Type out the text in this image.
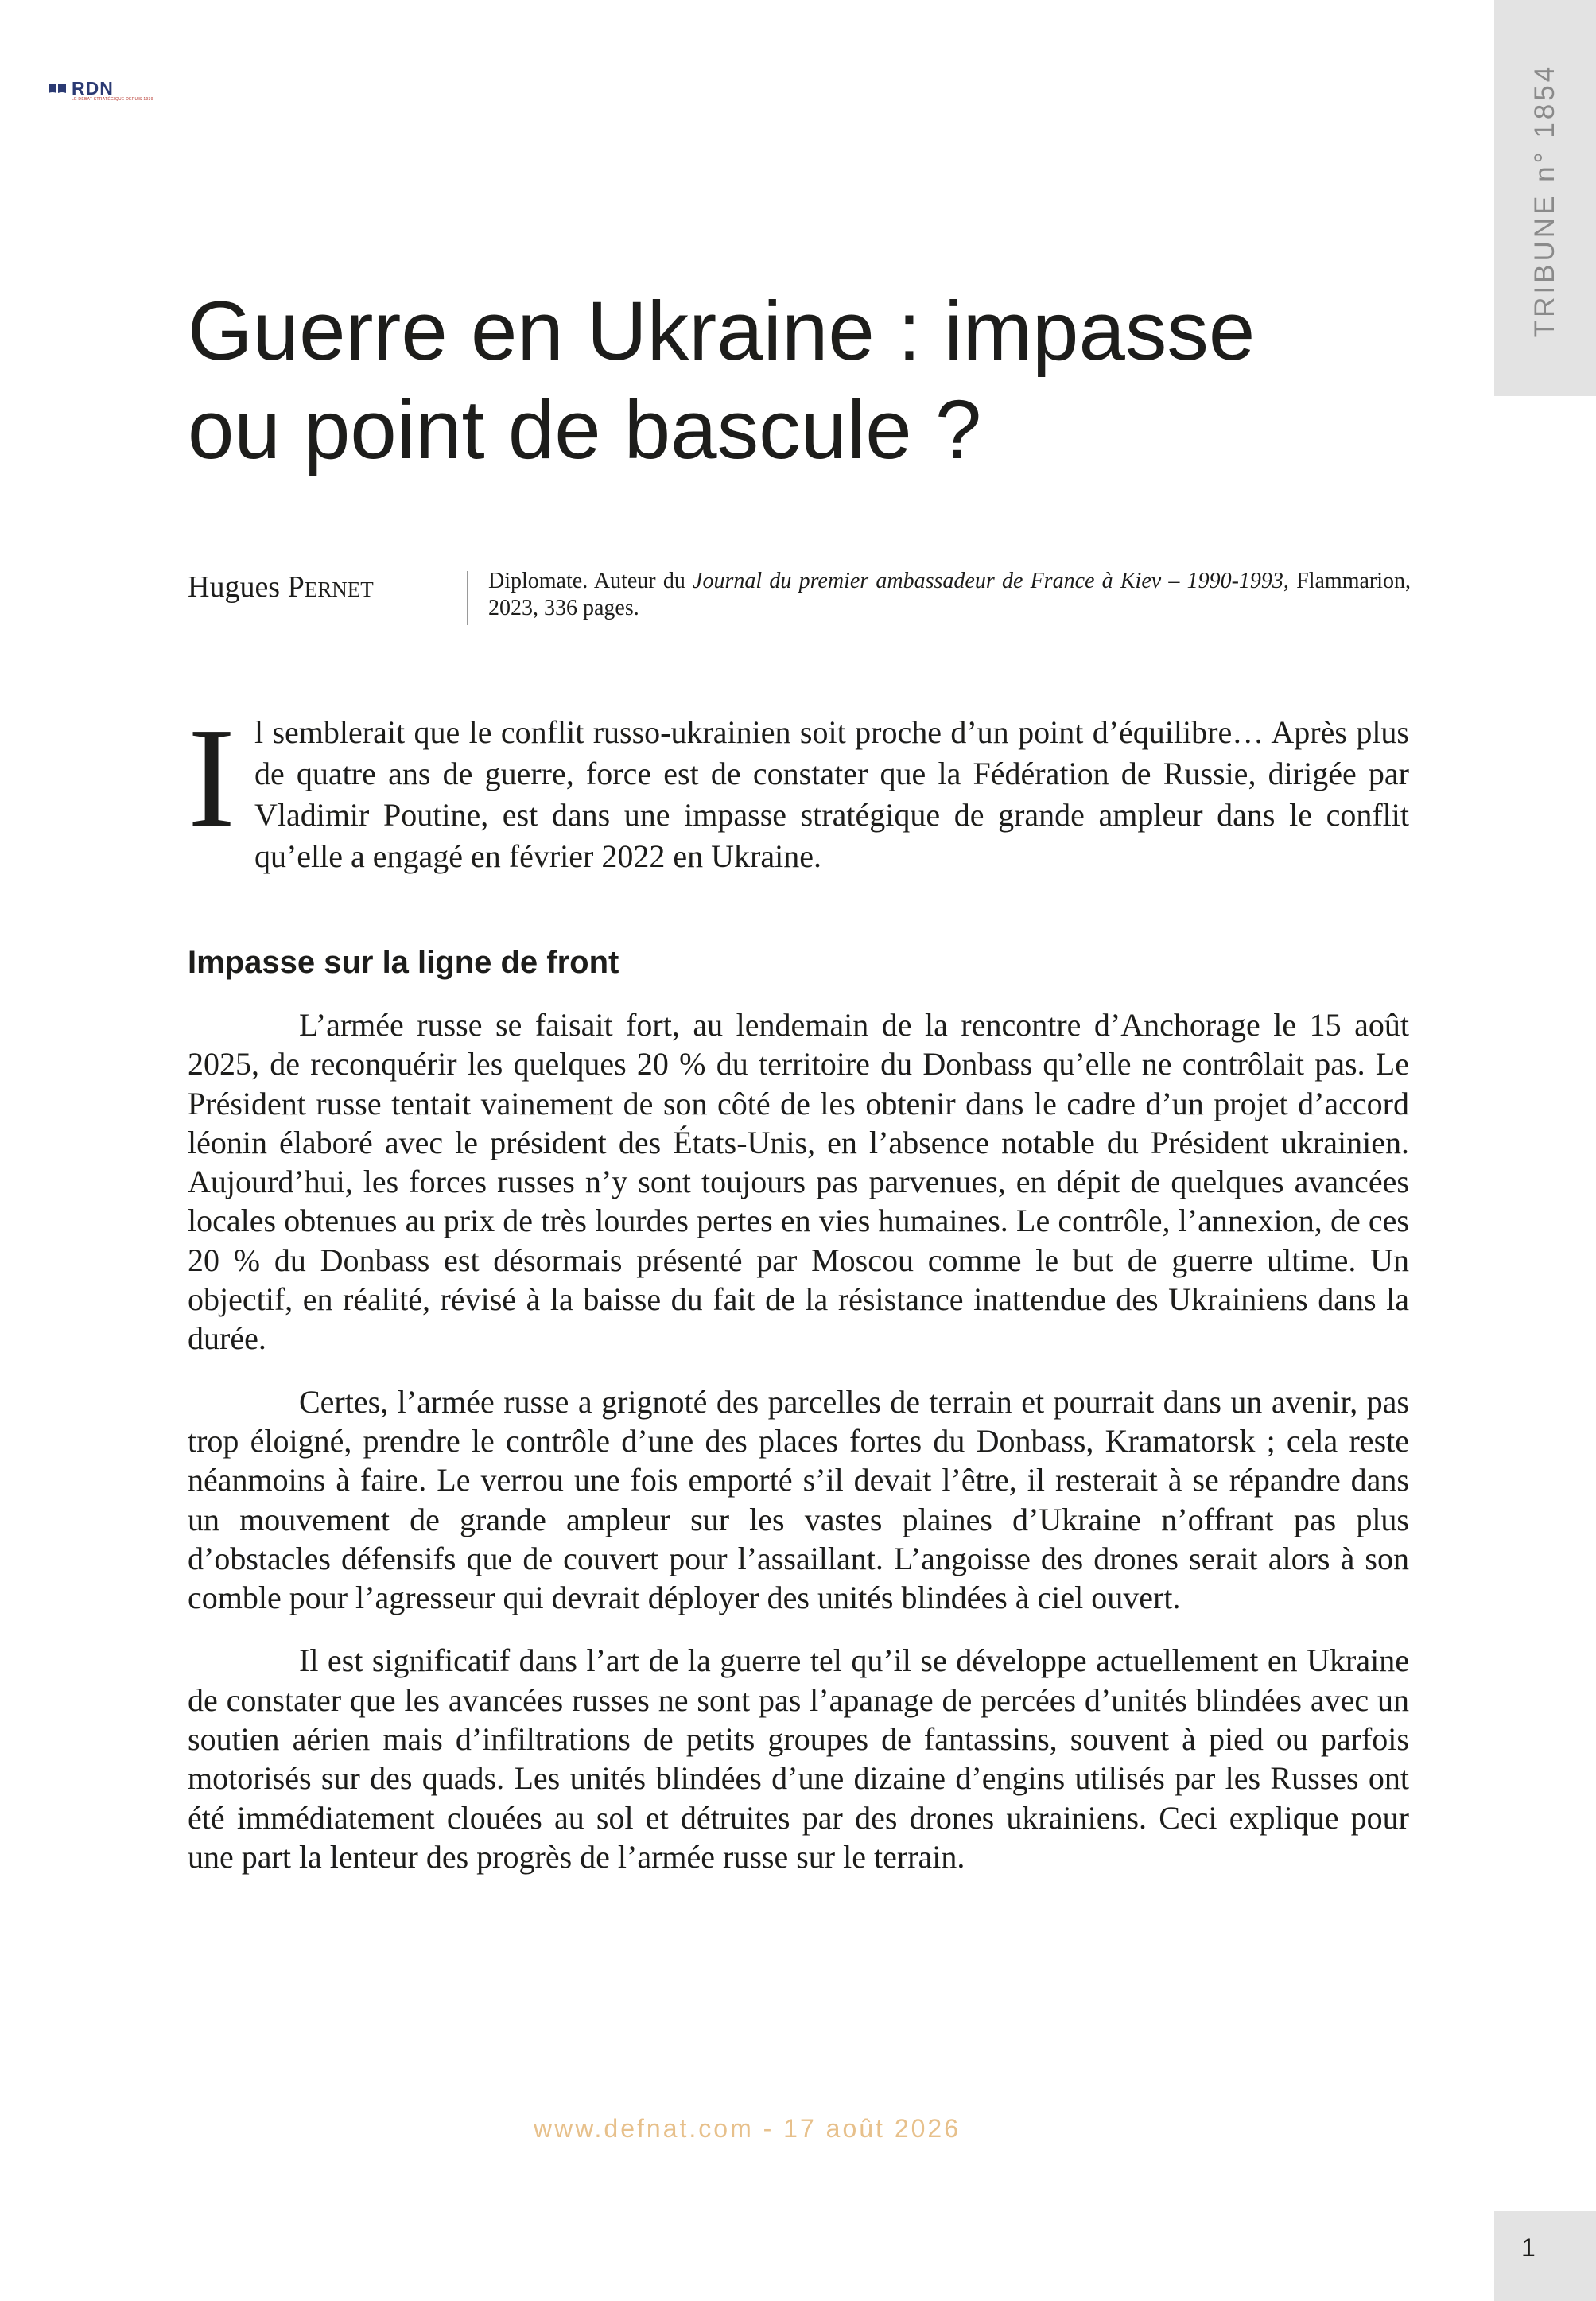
RDN
LE DÉBAT STRATÉGIQUE DEPUIS 1939	TRIBUNE n° 1854
Guerre en Ukraine : impasse
ou point de bascule ?
Hugues Pernet	Diplomate. Auteur du Journal du premier ambassadeur de France à Kiev – 1990-1993, Flammarion, 2023, 336 pages.

Il semblerait que le conflit russo-ukrainien soit proche d’un point d’équilibre… Après plus de quatre ans de guerre, force est de constater que la Fédération de Russie, dirigée par Vladimir Poutine, est dans une impasse stratégique de grande ampleur dans le conflit qu’elle a engagé en février 2022 en Ukraine.

Impasse sur la ligne de front

L’armée russe se faisait fort, au lendemain de la rencontre d’Anchorage le 15 août 2025, de reconquérir les quelques 20 % du territoire du Donbass qu’elle ne contrôlait pas. Le Président russe tentait vainement de son côté de les obtenir dans le cadre d’un projet d’accord léonin élaboré avec le président des États-Unis, en l’absence notable du Président ukrainien. Aujourd’hui, les forces russes n’y sont toujours pas parvenues, en dépit de quelques avancées locales obtenues au prix de très lourdes pertes en vies humaines. Le contrôle, l’annexion, de ces 20 % du Donbass est désormais présenté par Moscou comme le but de guerre ultime. Un objectif, en réalité, révisé à la baisse du fait de la résistance inattendue des Ukrainiens dans la durée.

Certes, l’armée russe a grignoté des parcelles de terrain et pourrait dans un avenir, pas trop éloigné, prendre le contrôle d’une des places fortes du Donbass, Kramatorsk ; cela reste néanmoins à faire. Le verrou une fois emporté s’il devait l’être, il resterait à se répandre dans un mouvement de grande ampleur sur les vastes plaines d’Ukraine n’offrant pas plus d’obstacles défensifs que de couvert pour l’assaillant. L’angoisse des drones serait alors à son comble pour l’agresseur qui devrait déployer des unités blindées à ciel ouvert.

Il est significatif dans l’art de la guerre tel qu’il se développe actuellement en Ukraine de constater que les avancées russes ne sont pas l’apanage de percées d’unités blindées avec un soutien aérien mais d’infiltrations de petits groupes de fantassins, souvent à pied ou parfois motorisés sur des quads. Les unités blindées d’une dizaine d’engins utilisés par les Russes ont été immédiatement clouées au sol et détruites par des drones ukrainiens. Ceci explique pour une part la lenteur des progrès de l’armée russe sur le terrain.

www.defnat.com - 17 août 2026
1
